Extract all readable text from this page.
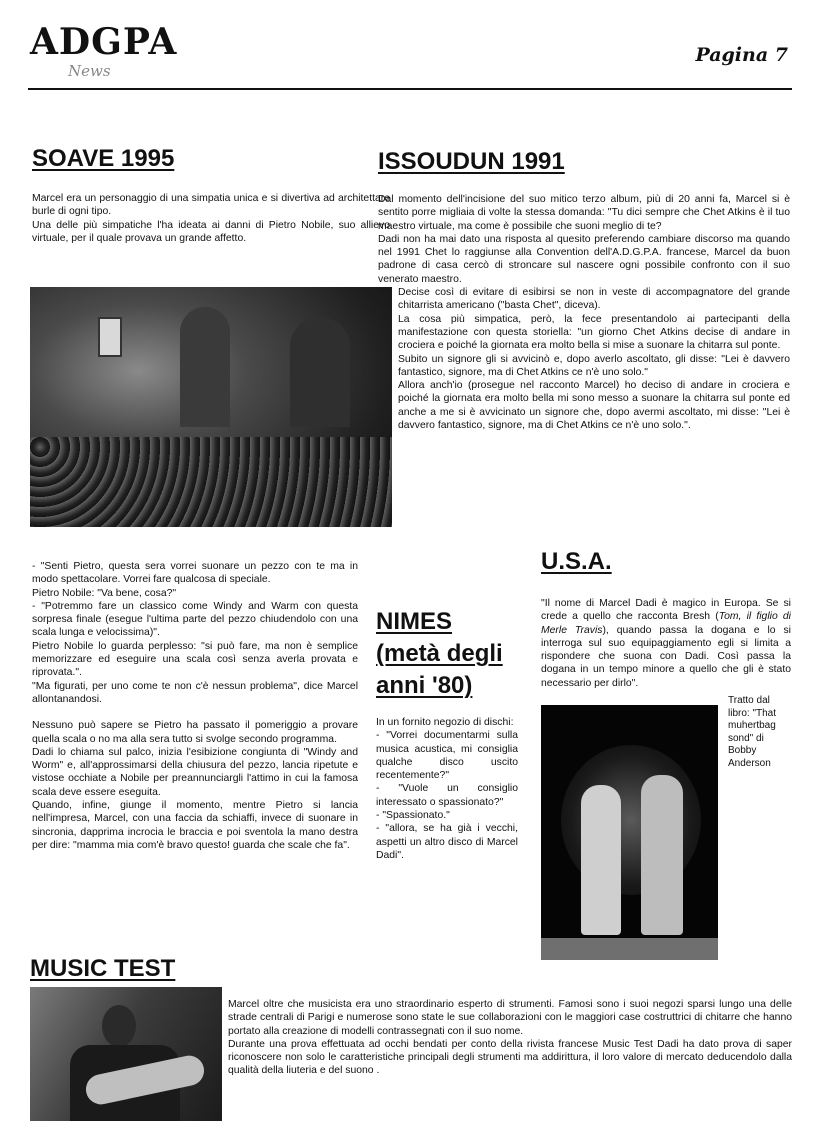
ADGPA
News
Pagina 7
SOAVE 1995

Marcel era un personaggio di una simpatia unica e si divertiva ad architettare burle di ogni tipo.

Una delle più simpatiche l'ha ideata ai danni di Pietro Nobile, suo allievo virtuale, per il quale provava un grande affetto.

- "Senti Pietro, questa sera vorrei suonare un pezzo con te ma in modo spettacolare. Vorrei fare qualcosa di speciale.

Pietro Nobile: "Va bene, cosa?"

- "Potremmo fare un classico come Windy and Warm con questa sorpresa finale (esegue l'ultima parte del pezzo chiudendolo con una scala lunga e velocissima)".

Pietro Nobile lo guarda perplesso: "si può fare, ma non è semplice memorizzare ed eseguire una scala così senza averla provata e riprovata.".

"Ma figurati, per uno come te non c'è nessun problema", dice Marcel allontanandosi.

Nessuno può sapere se Pietro ha passato il pomeriggio a provare quella scala o no ma alla sera tutto si svolge secondo programma.

Dadi lo chiama sul palco, inizia l'esibizione congiunta di "Windy and Worm" e, all'approssimarsi della chiusura del pezzo, lancia ripetute e vistose occhiate a Nobile per preannunciargli l'attimo in cui la famosa scala deve essere eseguita.

Quando, infine, giunge il momento, mentre Pietro si lancia nell'impresa, Marcel, con una faccia da schiaffi, invece di suonare in sincronia, dapprima incrocia le braccia e poi sventola la mano destra per dire: "mamma mia com'è bravo questo! guarda che scale che fa".

ISSOUDUN 1991

Dal momento dell'incisione del suo mitico terzo album, più di 20 anni fa, Marcel si è sentito porre migliaia di volte la stessa domanda: "Tu dici sempre che Chet Atkins è il tuo maestro virtuale, ma come è possibile che suoni meglio di te?

Dadi non ha mai dato una risposta al quesito preferendo cambiare discorso ma quando nel 1991 Chet lo raggiunse alla Convention dell'A.D.G.P.A. francese, Marcel da buon padrone di casa cercò di stroncare sul nascere ogni possibile confronto con il suo venerato maestro.

Decise così di evitare di esibirsi se non in veste di accompagnatore del grande chitarrista americano ("basta Chet", diceva).

La cosa più simpatica, però, la fece presentandolo ai partecipanti della manifestazione con questa storiella: "un giorno Chet Atkins decise di andare in crociera e poiché la giornata era molto bella si mise a suonare la chitarra sul ponte.

Subito un signore gli si avvicinò e, dopo averlo ascoltato, gli disse: "Lei è davvero fantastico, signore, ma di Chet Atkins ce n'è uno solo."

Allora anch'io (prosegue nel racconto Marcel) ho deciso di andare in crociera e poiché la giornata era molto bella mi sono messo a suonare la chitarra sul ponte ed anche a me si è avvicinato un signore che, dopo avermi ascoltato, mi disse: "Lei è davvero fantastico, signore, ma di Chet Atkins ce n'è uno solo.".

NIMES
(metà degli
anni '80)

In un fornito negozio di dischi:

- "Vorrei documentarmi sulla musica acustica, mi consiglia qualche disco uscito recentemente?"

- "Vuole un consiglio interessato o spassionato?"

- "Spassionato."

- "allora, se ha già i vecchi, aspetti un altro disco di Marcel Dadi".

U.S.A.

"Il nome di Marcel Dadi è magico in Europa. Se si crede a quello che racconta Bresh (Tom, il figlio di Merle Travis), quando passa la dogana e lo si interroga sul suo equipaggiamento egli si limita a rispondere che suona con Dadi. Così passa la dogana in un tempo minore a quello che gli è stato necessario per dirlo".

Tratto dal libro: "That muhertbag sond" di Bobby Anderson
MUSIC TEST

Marcel oltre che musicista era uno straordinario esperto di strumenti. Famosi sono i suoi negozi sparsi lungo una delle strade centrali di Parigi e numerose sono state le sue collaborazioni con le maggiori case costruttrici di chitarre che hanno portato alla creazione di modelli contrassegnati con il suo nome.

Durante una prova effettuata ad occhi bendati per conto della rivista francese Music Test Dadi ha dato prova di saper riconoscere non solo le caratteristiche principali degli strumenti ma addirittura, il loro valore di mercato deducendolo dalla qualità della liuteria e del suono .
